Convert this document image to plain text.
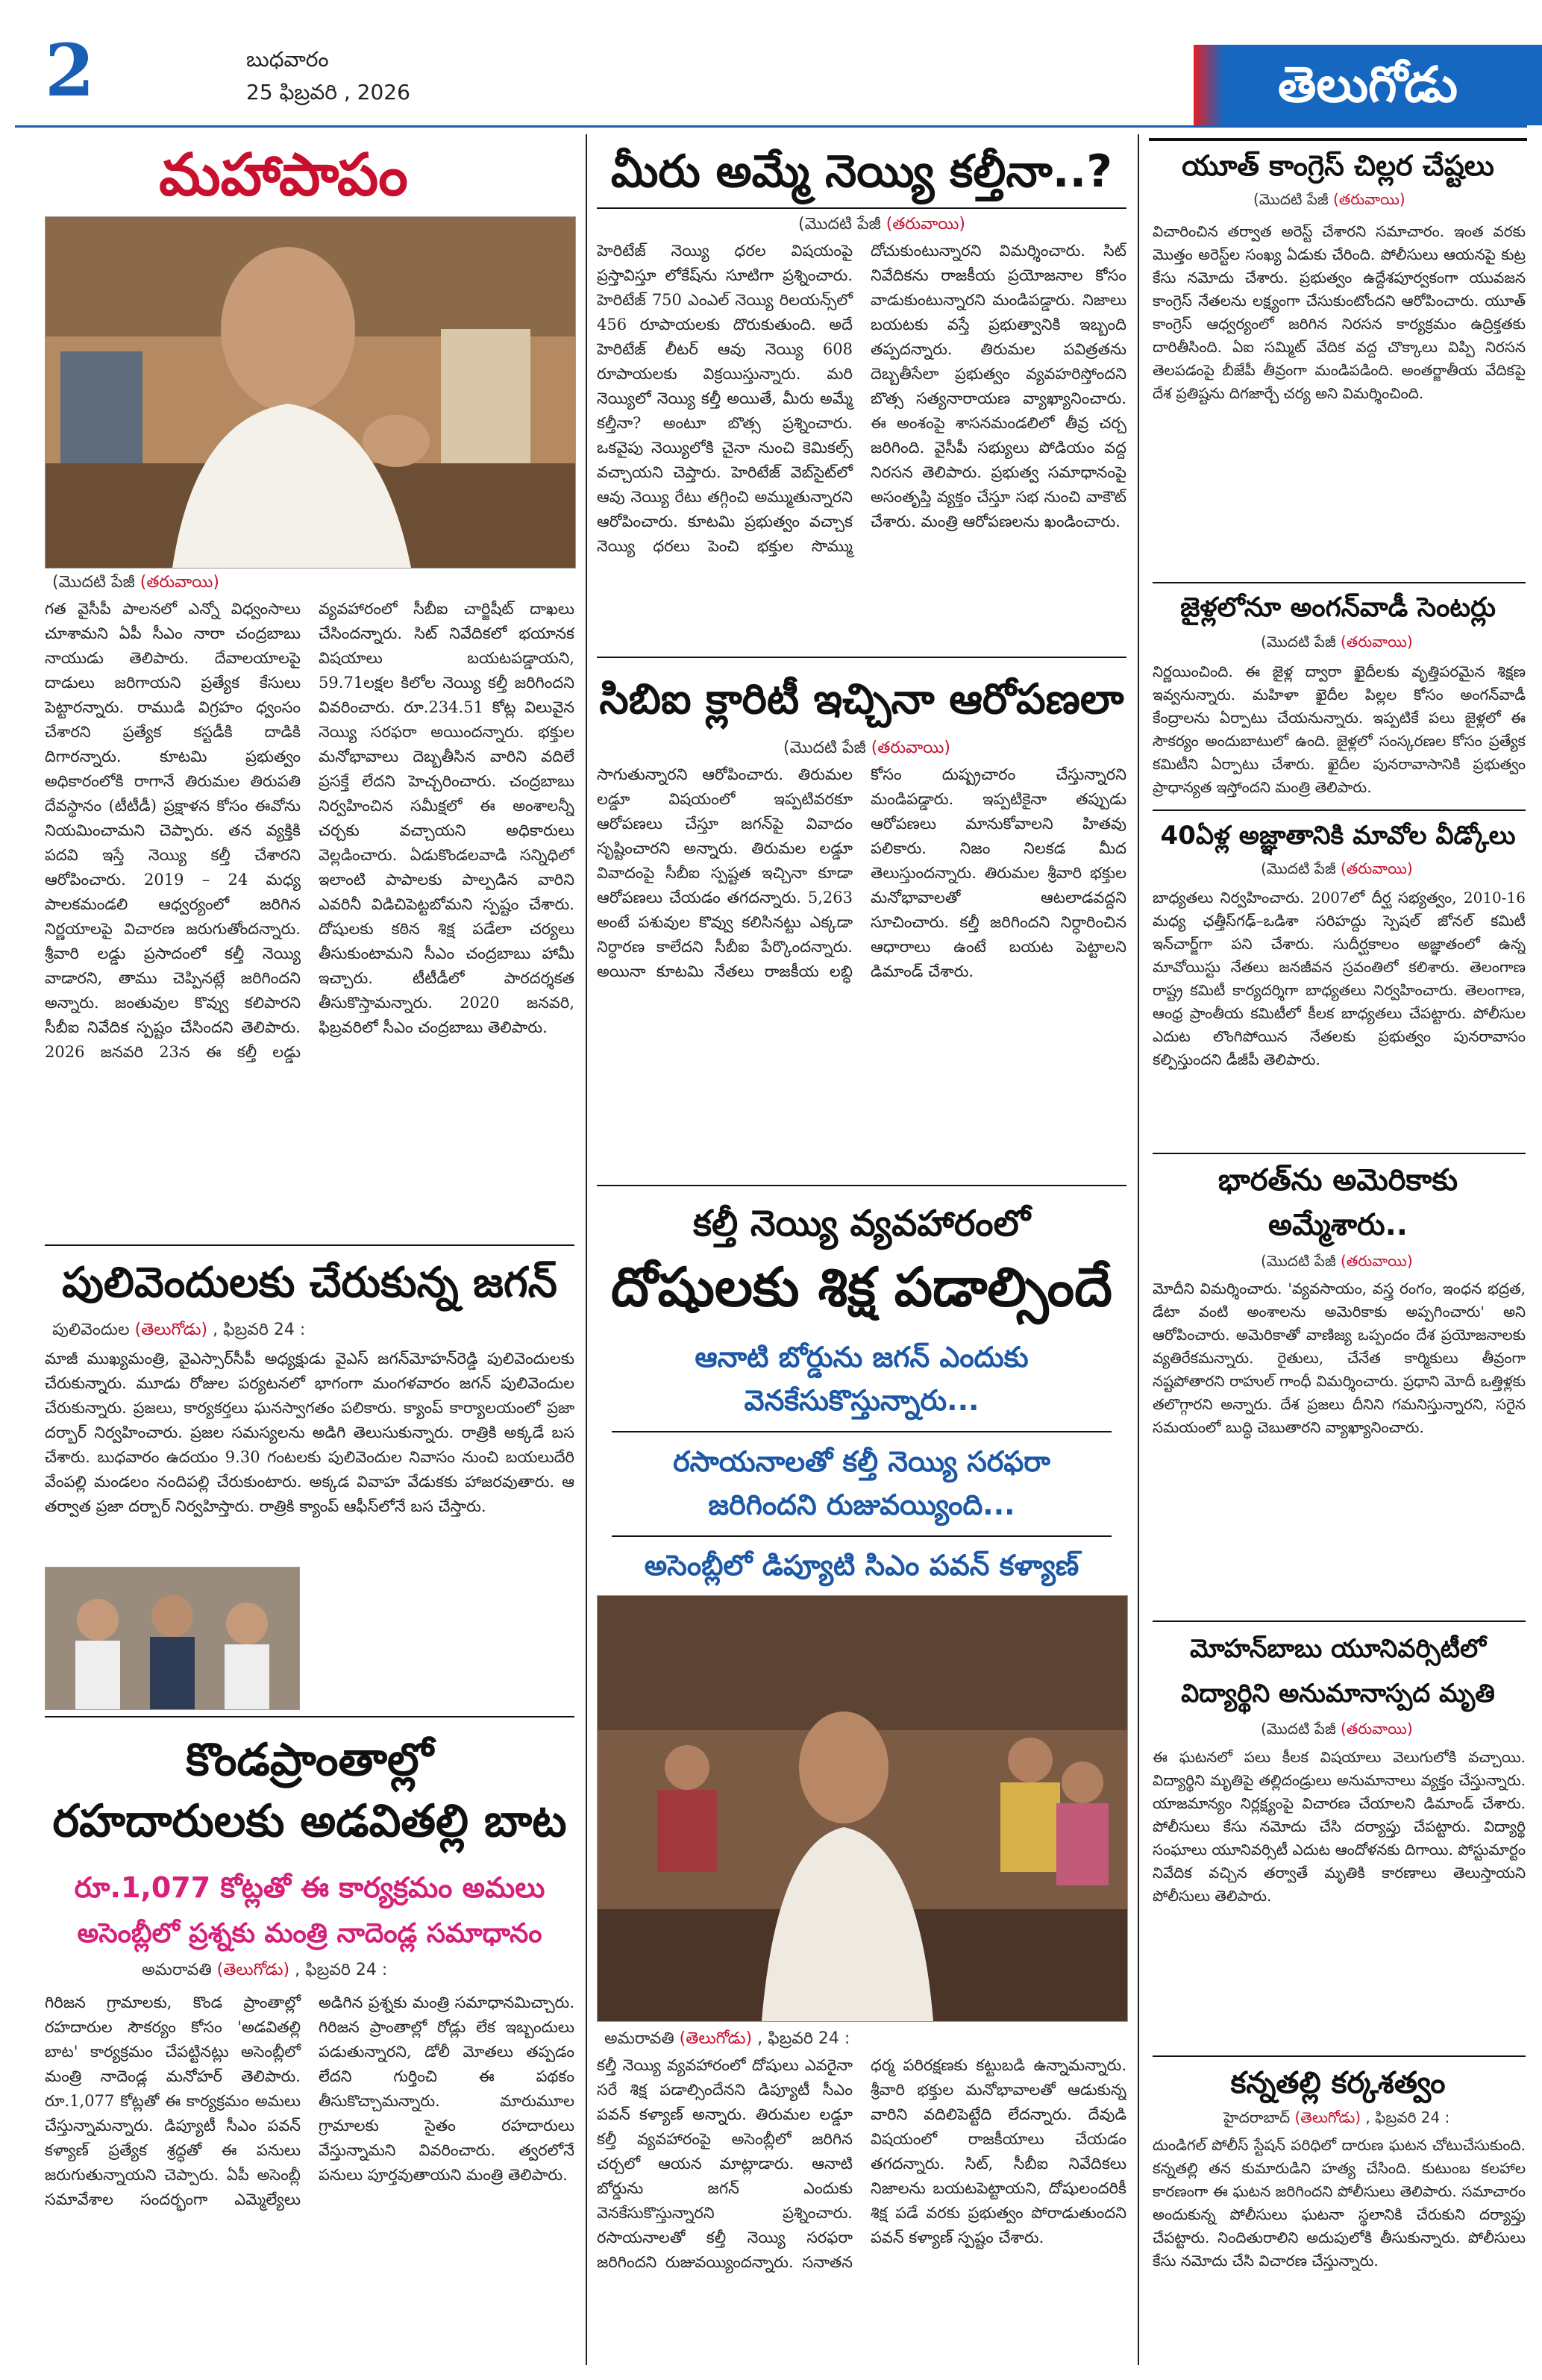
2	బుధవారం
25 ఫిబ్రవరి , 2026	తెలుగోడు
మహాపాపం
(మొదటి పేజీ (తరువాయి)
గత వైసీపీ పాలనలో ఎన్నో విధ్వంసాలు చూశామని ఏపీ సీఎం నారా చంద్రబాబు నాయుడు తెలిపారు. దేవాలయాలపై దాడులు జరిగాయని ప్రత్యేక కేసులు పెట్టారన్నారు. రాముడి విగ్రహం ధ్వంసం చేశారని ప్రత్యేక కస్టడీకి దాడికి దిగారన్నారు. కూటమి ప్రభుత్వం అధికారంలోకి రాగానే తిరుమల తిరుపతి దేవస్థానం (టీటీడీ) ప్రక్షాళన కోసం ఈవోను నియమించామని చెప్పారు. తన వ్యక్తికి పదవి ఇస్తే నెయ్యి కల్తీ చేశారని ఆరోపించారు. 2019 – 24 మధ్య పాలకమండలి ఆధ్వర్యంలో జరిగిన నిర్ణయాలపై విచారణ జరుగుతోందన్నారు. శ్రీవారి లడ్డు ప్రసాదంలో కల్తీ నెయ్యి వాడారని, తాము చెప్పినట్లే జరిగిందని అన్నారు. జంతువుల కొవ్వు కలిపారని సీబీఐ నివేదిక స్పష్టం చేసిందని తెలిపారు. 2026 జనవరి 23న ఈ కల్తీ లడ్డు వ్యవహారంలో సీబీఐ చార్జిషీట్ దాఖలు చేసిందన్నారు. సిట్ నివేదికలో భయానక విషయాలు బయటపడ్డాయని, 59.71లక్షల కిలోల నెయ్యి కల్తీ జరిగిందని వివరించారు. రూ.234.51 కోట్ల విలువైన నెయ్యి సరఫరా అయిందన్నారు. భక్తుల మనోభావాలు దెబ్బతీసిన వారిని వదిలే ప్రసక్తే లేదని హెచ్చరించారు. చంద్రబాబు నిర్వహించిన సమీక్షలో ఈ అంశాలన్నీ చర్చకు వచ్చాయని అధికారులు వెల్లడించారు. ఏడుకొండలవాడి సన్నిధిలో ఇలాంటి పాపాలకు పాల్పడిన వారిని ఎవరినీ విడిచిపెట్టబోమని స్పష్టం చేశారు. దోషులకు కఠిన శిక్ష పడేలా చర్యలు తీసుకుంటామని సీఎం చంద్రబాబు హామీ ఇచ్చారు. టీటీడీలో పారదర్శకత తీసుకొస్తామన్నారు. 2020 జనవరి, ఫిబ్రవరిలో సీఎం చంద్రబాబు తెలిపారు.
పులివెందులకు చేరుకున్న జగన్
పులివెందుల (తెలుగోడు) , ఫిబ్రవరి 24 :
మాజీ ముఖ్యమంత్రి, వైఎస్సార్‌సీపీ అధ్యక్షుడు వైఎస్ జగన్‌మోహన్‌రెడ్డి పులివెందులకు చేరుకున్నారు. మూడు రోజుల పర్యటనలో భాగంగా మంగళవారం జగన్ పులివెందుల చేరుకున్నారు. ప్రజలు, కార్యకర్తలు ఘనస్వాగతం పలికారు. క్యాంప్ కార్యాలయంలో ప్రజా దర్బార్ నిర్వహించారు. ప్రజల సమస్యలను అడిగి తెలుసుకున్నారు. రాత్రికి అక్కడే బస చేశారు. బుధవారం ఉదయం 9.30 గంటలకు పులివెందుల నివాసం నుంచి బయలుదేరి వేంపల్లి మండలం నందిపల్లి చేరుకుంటారు. అక్కడ వివాహ వేడుకకు హాజరవుతారు. ఆ తర్వాత ప్రజా దర్బార్ నిర్వహిస్తారు. రాత్రికి క్యాంప్ ఆఫీస్‌లోనే బస చేస్తారు.
కొండప్రాంతాల్లో
రహదారులకు అడవితల్లి బాట
రూ.1,077 కోట్లతో ఈ కార్యక్రమం అమలు
అసెంబ్లీలో ప్రశ్నకు మంత్రి నాదెండ్ల సమాధానం
అమరావతి (తెలుగోడు) , ఫిబ్రవరి 24 :
గిరిజన గ్రామాలకు, కొండ ప్రాంతాల్లో రహదారుల సౌకర్యం కోసం 'అడవితల్లి బాట' కార్యక్రమం చేపట్టినట్లు అసెంబ్లీలో మంత్రి నాదెండ్ల మనోహర్ తెలిపారు. రూ.1,077 కోట్లతో ఈ కార్యక్రమం అమలు చేస్తున్నామన్నారు. డిప్యూటీ సీఎం పవన్ కళ్యాణ్ ప్రత్యేక శ్రద్ధతో ఈ పనులు జరుగుతున్నాయని చెప్పారు. ఏపీ అసెంబ్లీ సమావేశాల సందర్భంగా ఎమ్మెల్యేలు అడిగిన ప్రశ్నకు మంత్రి సమాధానమిచ్చారు. గిరిజన ప్రాంతాల్లో రోడ్లు లేక ఇబ్బందులు పడుతున్నారని, డోలీ మోతలు తప్పడం లేదని గుర్తించి ఈ పథకం తీసుకొచ్చామన్నారు. మారుమూల గ్రామాలకు సైతం రహదారులు వేస్తున్నామని వివరించారు. త్వరలోనే పనులు పూర్తవుతాయని మంత్రి తెలిపారు.
మీరు అమ్మే నెయ్యి కల్తీనా..?
(మొదటి పేజీ (తరువాయి)
హెరిటేజ్ నెయ్యి ధరల విషయంపై ప్రస్తావిస్తూ లోకేష్‌ను సూటిగా ప్రశ్నించారు. హెరిటేజ్ 750 ఎంఎల్ నెయ్యి రిలయన్స్‌లో 456 రూపాయలకు దొరుకుతుంది. అదే హెరిటేజ్ లీటర్ ఆవు నెయ్యి 608 రూపాయలకు విక్రయిస్తున్నారు. మరి నెయ్యిలో నెయ్యి కల్తీ అయితే, మీరు అమ్మే కల్తీనా? అంటూ బొత్స ప్రశ్నించారు. ఒకవైపు నెయ్యిలోకి చైనా నుంచి కెమికల్స్ వచ్చాయని చెప్తారు. హెరిటేజ్ వెబ్‌సైట్‌లో ఆవు నెయ్యి రేటు తగ్గించి అమ్ముతున్నారని ఆరోపించారు. కూటమి ప్రభుత్వం వచ్చాక నెయ్యి ధరలు పెంచి భక్తుల సొమ్ము దోచుకుంటున్నారని విమర్శించారు. సిట్ నివేదికను రాజకీయ ప్రయోజనాల కోసం వాడుకుంటున్నారని మండిపడ్డారు. నిజాలు బయటకు వస్తే ప్రభుత్వానికి ఇబ్బంది తప్పదన్నారు. తిరుమల పవిత్రతను దెబ్బతీసేలా ప్రభుత్వం వ్యవహరిస్తోందని బొత్స సత్యనారాయణ వ్యాఖ్యానించారు. ఈ అంశంపై శాసనమండలిలో తీవ్ర చర్చ జరిగింది. వైసీపీ సభ్యులు పోడియం వద్ద నిరసన తెలిపారు. ప్రభుత్వ సమాధానంపై అసంతృప్తి వ్యక్తం చేస్తూ సభ నుంచి వాకౌట్ చేశారు. మంత్రి ఆరోపణలను ఖండించారు.
సిబిఐ క్లారిటీ ఇచ్చినా ఆరోపణలా
(మొదటి పేజీ (తరువాయి)
సాగుతున్నారని ఆరోపించారు. తిరుమల లడ్డూ విషయంలో ఇప్పటివరకూ ఆరోపణలు చేస్తూ జగన్‌పై వివాదం సృష్టించారని అన్నారు. తిరుమల లడ్డూ వివాదంపై సీబీఐ స్పష్టత ఇచ్చినా కూడా ఆరోపణలు చేయడం తగదన్నారు. 5,263 అంటే పశువుల కొవ్వు కలిసినట్టు ఎక్కడా నిర్ధారణ కాలేదని సీబీఐ పేర్కొందన్నారు. అయినా కూటమి నేతలు రాజకీయ లబ్ధి కోసం దుష్ప్రచారం చేస్తున్నారని మండిపడ్డారు. ఇప్పటికైనా తప్పుడు ఆరోపణలు మానుకోవాలని హితవు పలికారు. నిజం నిలకడ మీద తెలుస్తుందన్నారు. తిరుమల శ్రీవారి భక్తుల మనోభావాలతో ఆటలాడవద్దని సూచించారు. కల్తీ జరిగిందని నిర్ధారించిన ఆధారాలు ఉంటే బయట పెట్టాలని డిమాండ్ చేశారు.
కల్తీ నెయ్యి వ్యవహారంలో
దోషులకు శిక్ష పడాల్సిందే
ఆనాటి బోర్డును జగన్ ఎందుకు
వెనకేసుకొస్తున్నారు...
రసాయనాలతో కల్తీ నెయ్యి సరఫరా
జరిగిందని రుజువయ్యింది...
అసెంబ్లీలో డిప్యూటి సిఎం పవన్ కళ్యాణ్
అమరావతి (తెలుగోడు) , ఫిబ్రవరి 24 :
కల్తీ నెయ్యి వ్యవహారంలో దోషులు ఎవరైనా సరే శిక్ష పడాల్సిందేనని డిప్యూటీ సీఎం పవన్ కళ్యాణ్ అన్నారు. తిరుమల లడ్డూ కల్తీ వ్యవహారంపై అసెంబ్లీలో జరిగిన చర్చలో ఆయన మాట్లాడారు. ఆనాటి బోర్డును జగన్ ఎందుకు వెనకేసుకొస్తున్నారని ప్రశ్నించారు. రసాయనాలతో కల్తీ నెయ్యి సరఫరా జరిగిందని రుజువయ్యిందన్నారు. సనాతన ధర్మ పరిరక్షణకు కట్టుబడి ఉన్నామన్నారు. శ్రీవారి భక్తుల మనోభావాలతో ఆడుకున్న వారిని వదిలిపెట్టేది లేదన్నారు. దేవుడి విషయంలో రాజకీయాలు చేయడం తగదన్నారు. సిట్, సీబీఐ నివేదికలు నిజాలను బయటపెట్టాయని, దోషులందరికీ శిక్ష పడే వరకు ప్రభుత్వం పోరాడుతుందని పవన్ కళ్యాణ్ స్పష్టం చేశారు.
యూత్ కాంగ్రెస్ చిల్లర చేష్టలు
(మొదటి పేజీ (తరువాయి)
విచారించిన తర్వాత అరెస్ట్ చేశారని సమాచారం. ఇంత వరకు మొత్తం అరెస్ట్‌ల సంఖ్య ఏడుకు చేరింది. పోలీసులు ఆయనపై కుట్ర కేసు నమోదు చేశారు. ప్రభుత్వం ఉద్దేశపూర్వకంగా యువజన కాంగ్రెస్ నేతలను లక్ష్యంగా చేసుకుంటోందని ఆరోపించారు. యూత్ కాంగ్రెస్ ఆధ్వర్యంలో జరిగిన నిరసన కార్యక్రమం ఉద్రిక్తతకు దారితీసింది. ఏఐ సమ్మిట్ వేదిక వద్ద చొక్కాలు విప్పి నిరసన తెలపడంపై బీజేపీ తీవ్రంగా మండిపడింది. అంతర్జాతీయ వేదికపై దేశ ప్రతిష్టను దిగజార్చే చర్య అని విమర్శించింది.
జైళ్లలోనూ అంగన్‌వాడీ సెంటర్లు
(మొదటి పేజీ (తరువాయి)
నిర్ణయించింది. ఈ జైళ్ల ద్వారా ఖైదీలకు వృత్తిపరమైన శిక్షణ ఇవ్వనున్నారు. మహిళా ఖైదీల పిల్లల కోసం అంగన్‌వాడీ కేంద్రాలను ఏర్పాటు చేయనున్నారు. ఇప్పటికే పలు జైళ్లలో ఈ సౌకర్యం అందుబాటులో ఉంది. జైళ్లలో సంస్కరణల కోసం ప్రత్యేక కమిటీని ఏర్పాటు చేశారు. ఖైదీల పునరావాసానికి ప్రభుత్వం ప్రాధాన్యత ఇస్తోందని మంత్రి తెలిపారు.
40ఏళ్ల అజ్ఞాతానికి మావోల వీడ్కోలు
(మొదటి పేజీ (తరువాయి)
బాధ్యతలు నిర్వహించారు. 2007లో దీర్ఘ సభ్యత్వం, 2010-16 మధ్య ఛత్తీస్‌గఢ్–ఒడిశా సరిహద్దు స్పెషల్ జోనల్ కమిటీ ఇన్‌చార్జ్‌గా పని చేశారు. సుదీర్ఘకాలం అజ్ఞాతంలో ఉన్న మావోయిస్టు నేతలు జనజీవన స్రవంతిలో కలిశారు. తెలంగాణ రాష్ట్ర కమిటీ కార్యదర్శిగా బాధ్యతలు నిర్వహించారు. తెలంగాణ, ఆంధ్ర ప్రాంతీయ కమిటీలో కీలక బాధ్యతలు చేపట్టారు. పోలీసుల ఎదుట లొంగిపోయిన నేతలకు ప్రభుత్వం పునరావాసం కల్పిస్తుందని డీజీపీ తెలిపారు.
భారత్‌ను అమెరికాకు
అమ్మేశారు..
(మొదటి పేజీ (తరువాయి)
మోదీని విమర్శించారు. 'వ్యవసాయం, వస్త్ర రంగం, ఇంధన భద్రత, డేటా వంటి అంశాలను అమెరికాకు అప్పగించారు' అని ఆరోపించారు. అమెరికాతో వాణిజ్య ఒప్పందం దేశ ప్రయోజనాలకు వ్యతిరేకమన్నారు. రైతులు, చేనేత కార్మికులు తీవ్రంగా నష్టపోతారని రాహుల్ గాంధీ విమర్శించారు. ప్రధాని మోదీ ఒత్తిళ్లకు తలొగ్గారని అన్నారు. దేశ ప్రజలు దీనిని గమనిస్తున్నారని, సరైన సమయంలో బుద్ధి చెబుతారని వ్యాఖ్యానించారు.
మోహన్‌బాబు యూనివర్సిటీలో
విద్యార్థిని అనుమానాస్పద మృతి
(మొదటి పేజీ (తరువాయి)
ఈ ఘటనలో పలు కీలక విషయాలు వెలుగులోకి వచ్చాయి. విద్యార్థిని మృతిపై తల్లిదండ్రులు అనుమానాలు వ్యక్తం చేస్తున్నారు. యాజమాన్యం నిర్లక్ష్యంపై విచారణ చేయాలని డిమాండ్ చేశారు. పోలీసులు కేసు నమోదు చేసి దర్యాప్తు చేపట్టారు. విద్యార్థి సంఘాలు యూనివర్సిటీ ఎదుట ఆందోళనకు దిగాయి. పోస్టుమార్టం నివేదిక వచ్చిన తర్వాతే మృతికి కారణాలు తెలుస్తాయని పోలీసులు తెలిపారు.
కన్నతల్లి కర్కశత్వం
హైదరాబాద్ (తెలుగోడు) , ఫిబ్రవరి 24 :
దుండిగల్ పోలీస్ స్టేషన్ పరిధిలో దారుణ ఘటన చోటుచేసుకుంది. కన్నతల్లి తన కుమారుడిని హత్య చేసింది. కుటుంబ కలహాల కారణంగా ఈ ఘటన జరిగిందని పోలీసులు తెలిపారు. సమాచారం అందుకున్న పోలీసులు ఘటనా స్థలానికి చేరుకుని దర్యాప్తు చేపట్టారు. నిందితురాలిని అదుపులోకి తీసుకున్నారు. పోలీసులు కేసు నమోదు చేసి విచారణ చేస్తున్నారు.
